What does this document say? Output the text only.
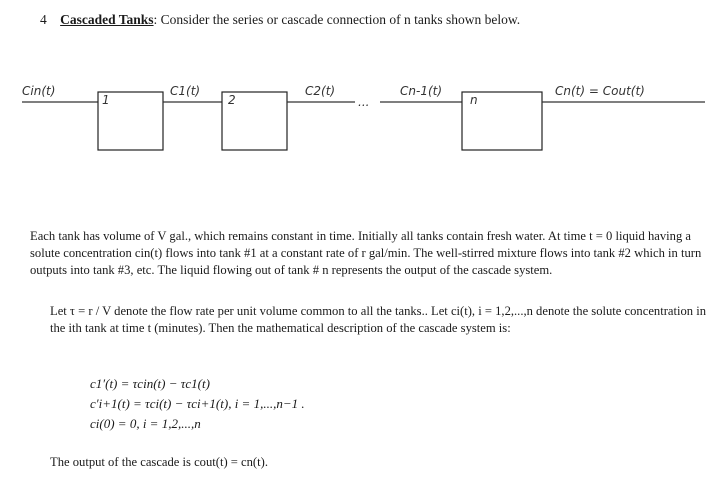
4 Cascaded Tanks: Consider the series or cascade connection of n tanks shown below.
Cin(t)
1
C1(t)
2
C2(t)
...
Cn-1(t)
n
Cn(t) = Cout(t)
Each tank has volume of V gal., which remains constant in time. Initially all tanks contain fresh water. At time t = 0 liquid having a solute concentration cin(t) flows into tank #1 at a constant rate of r gal/min. The well-stirred mixture flows into tank #2 which in turn outputs into tank #3, etc. The liquid flowing out of tank # n represents the output of the cascade system.
Let τ = r / V denote the flow rate per unit volume common to all the tanks.. Let ci(t), i = 1,2,...,n denote the solute concentration in the ith tank at time t (minutes). Then the mathematical description of the cascade system is:
c1′(t) = τcin(t) − τc1(t)
c′i+1(t) = τci(t) − τci+1(t), i = 1,...,n−1 .
ci(0) = 0, i = 1,2,...,n
The output of the cascade is cout(t) = cn(t).
